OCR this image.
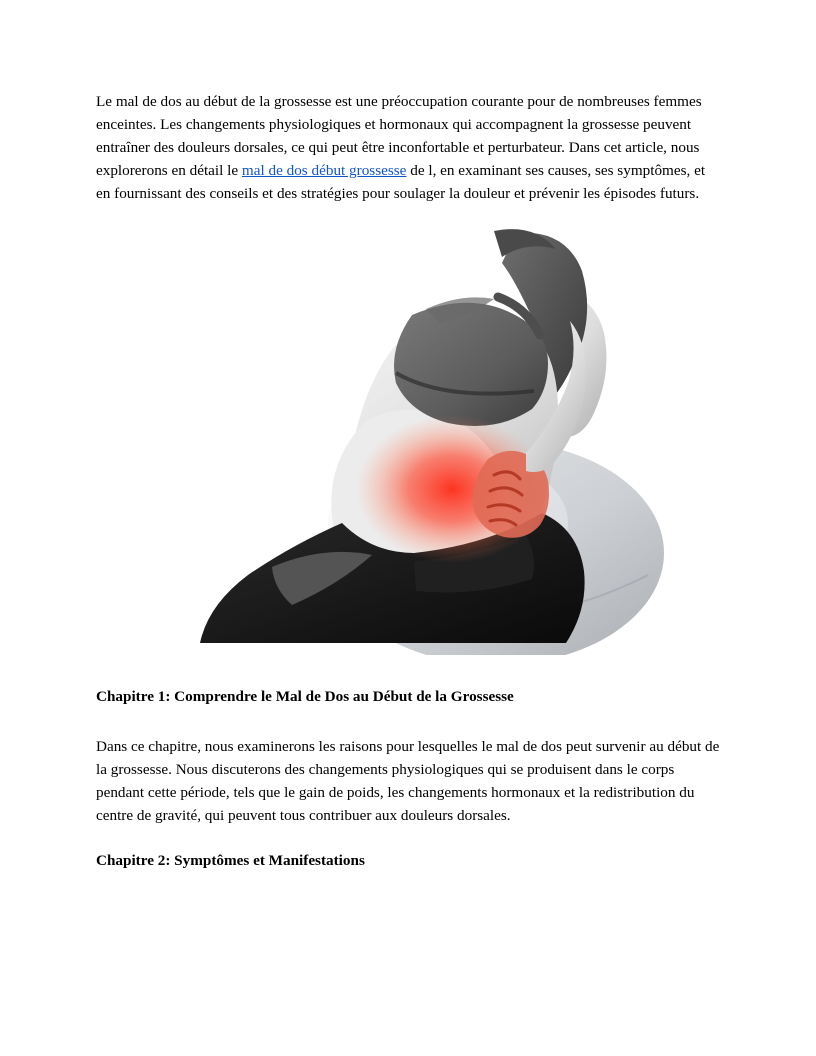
Le mal de dos au début de la grossesse est une préoccupation courante pour de nombreuses femmes enceintes. Les changements physiologiques et hormonaux qui accompagnent la grossesse peuvent entraîner des douleurs dorsales, ce qui peut être inconfortable et perturbateur. Dans cet article, nous explorerons en détail le mal de dos début grossesse de l, en examinant ses causes, ses symptômes, et en fournissant des conseils et des stratégies pour soulager la douleur et prévenir les épisodes futurs.

Chapitre 1: Comprendre le Mal de Dos au Début de la Grossesse

Dans ce chapitre, nous examinerons les raisons pour lesquelles le mal de dos peut survenir au début de la grossesse. Nous discuterons des changements physiologiques qui se produisent dans le corps pendant cette période, tels que le gain de poids, les changements hormonaux et la redistribution du centre de gravité, qui peuvent tous contribuer aux douleurs dorsales.

Chapitre 2: Symptômes et Manifestations
